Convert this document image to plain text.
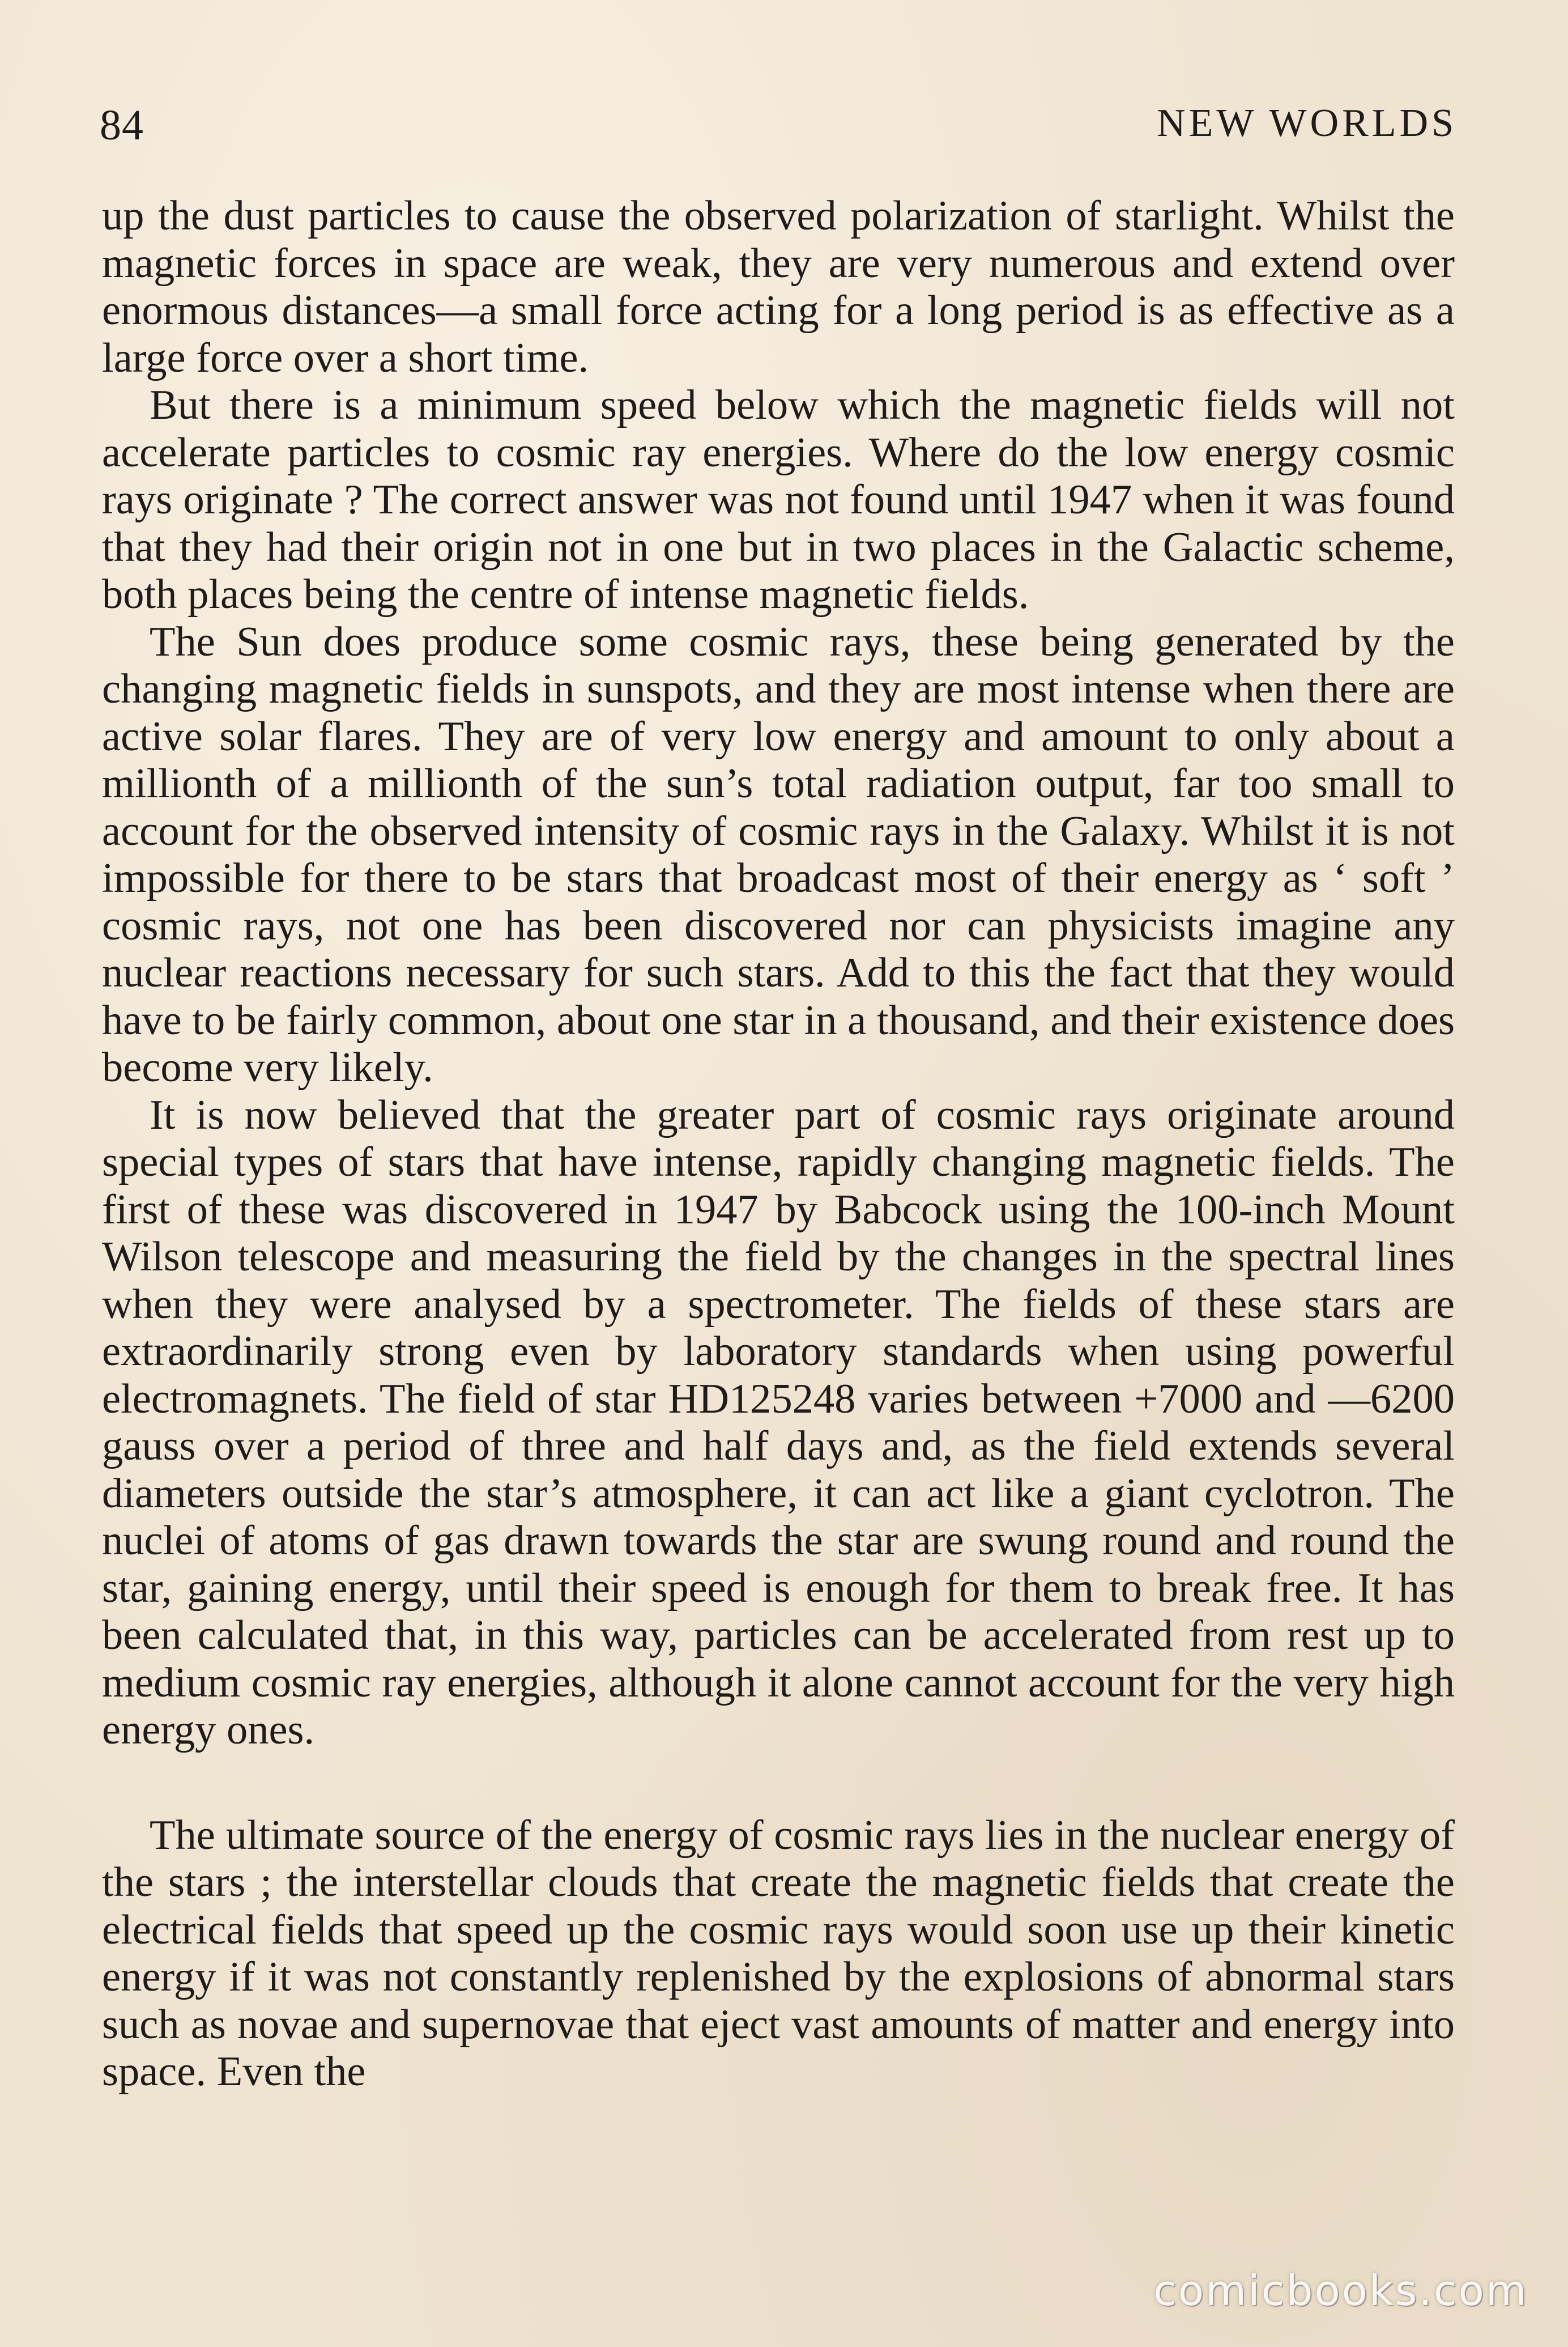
84	NEW WORLDS

up the dust particles to cause the observed polarization of starlight. Whilst the magnetic forces in space are weak, they are very numerous and extend over enormous distances—a small force acting for a long period is as effective as a large force over a short time.

But there is a minimum speed below which the magnetic fields will not accelerate particles to cosmic ray energies. Where do the low energy cosmic rays originate ? The correct answer was not found until 1947 when it was found that they had their origin not in one but in two places in the Galactic scheme, both places being the centre of intense magnetic fields.

The Sun does produce some cosmic rays, these being generated by the changing magnetic fields in sunspots, and they are most intense when there are active solar flares. They are of very low energy and amount to only about a millionth of a millionth of the sun’s total radiation output, far too small to account for the observed intensity of cosmic rays in the Galaxy. Whilst it is not impossible for there to be stars that broadcast most of their energy as ‘ soft ’ cosmic rays, not one has been discovered nor can physicists imagine any nuclear reactions necessary for such stars. Add to this the fact that they would have to be fairly common, about one star in a thousand, and their existence does become very likely.

It is now believed that the greater part of cosmic rays originate around special types of stars that have intense, rapidly changing magnetic fields. The first of these was discovered in 1947 by Babcock using the 100-inch Mount Wilson telescope and measuring the field by the changes in the spectral lines when they were analysed by a spectrometer. The fields of these stars are extraordinarily strong even by laboratory standards when using powerful electromagnets. The field of star HD125248 varies between +7000 and —6200 gauss over a period of three and half days and, as the field extends several diameters outside the star’s atmosphere, it can act like a giant cyclotron. The nuclei of atoms of gas drawn towards the star are swung round and round the star, gaining energy, until their speed is enough for them to break free. It has been calculated that, in this way, particles can be accelerated from rest up to medium cosmic ray energies, although it alone cannot account for the very high energy ones.

The ultimate source of the energy of cosmic rays lies in the nuclear energy of the stars ; the interstellar clouds that create the magnetic fields that create the electrical fields that speed up the cosmic rays would soon use up their kinetic energy if it was not constantly replenished by the explosions of abnormal stars such as novae and supernovae that eject vast amounts of matter and energy into space. Even the

comicbooks.com
